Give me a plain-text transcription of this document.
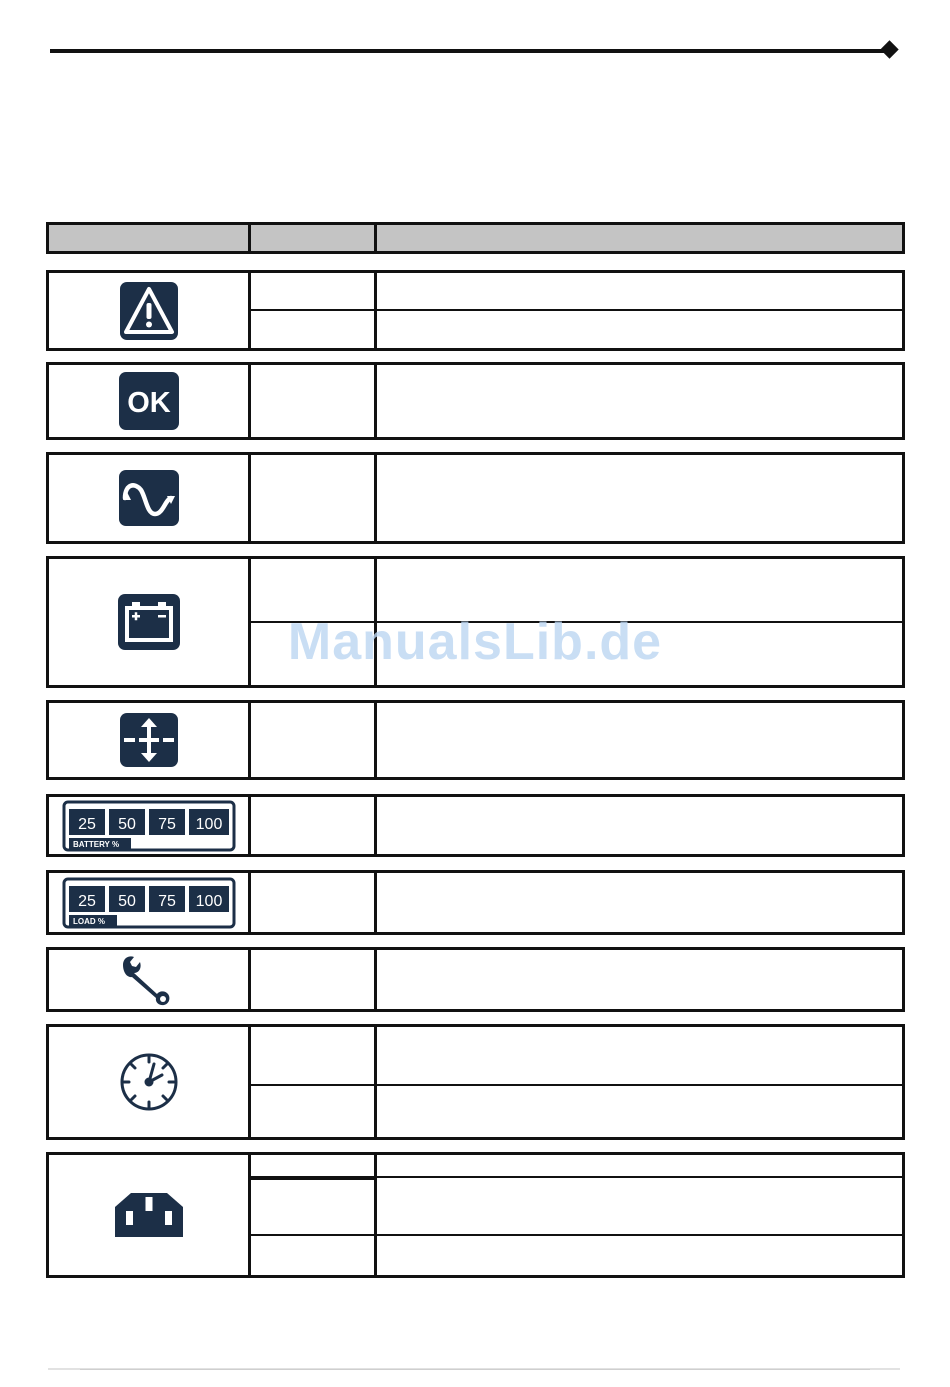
OK
25 50 75 100
BATTERY %
25 50 75 100
LOAD %
ManualsLib.de
